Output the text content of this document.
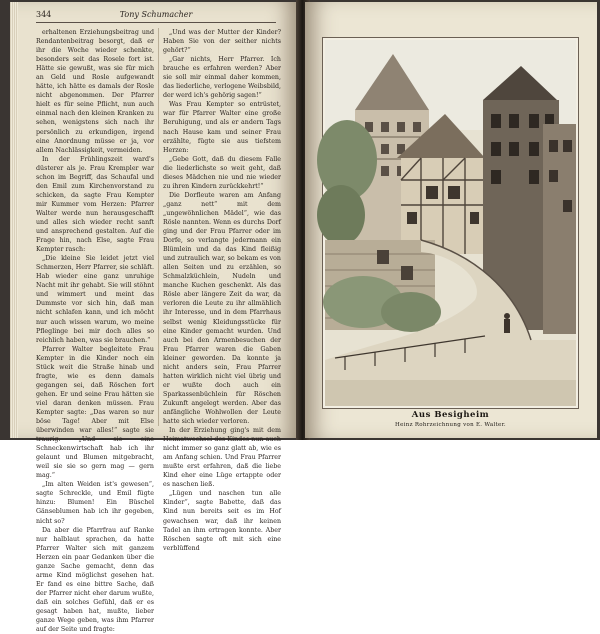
344	Tony Schumacher

erhaltenen Erziehungsbeitrag und Rendantenbeitrag besorgt, daß er ihr die Woche wieder schenkte, besonders seit das Rosele fort ist. Hätte sie gewußt, was sie für mich an Geld und Rosle aufgewandt hätte, ich hätte es damals der Rosle nicht abgenommen. Der Pfarrer hielt es für seine Pflicht, nun auch einmal nach den kleinen Kranken zu sehen, wenigstens sich nach ihr persönlich zu erkundigen, irgend eine Anordnung müsse er ja, vor allem Nachlässigkeit, vermeiden.

In der Frühlingszeit ward's düsterer als je. Frau Krempler war schon im Begriff, das Schaufal und den Emil zum Kirchenvorstand zu schicken, da sagte Frau Kempter mir Kummer vom Herzen: Pfarrer Walter werde nun herausgeschafft und alles sich wieder recht sanft und ansprechend gestalten. Auf die Frage hin, nach Else, sagte Frau Kempter rasch:

„Die kleine Sie leidet jetzt viel Schmerzen, Herr Pfarrer, sie schläft. Hab wieder eine ganz unruhige Nacht mit ihr gehabt. Sie will stöhnt und wimmert und meint das Dummste vor sich hin, daß man nicht schlafen kann, und ich möcht nur auch wissen warum, wo meine Pfleglinge bei mir doch alles so reichlich haben, was sie brauchen.“

Pfarrer Walter begleitete Frau Kempter in die Kinder noch ein Stück weit die Straße hinab und fragte, wie es denn damals gegangen sei, daß Röschen fort gehen. Er und seine Frau hätten sie viel daran denken müssen. Frau Kempter sagte: „Das waren so nur böse Tage! Aber mit Else überwinden war alles!“ sagte sie traurig. „Und sie eine Schneckenwirtschaft hab ich ihr gelaunt und Blumen mitgebracht, weil sie sie so gern mag — gern mag.“

„Im alten Weiden ist's gewesen“, sagte Schreckle, und Emil fügte hinzu: Blumen! Ein Büschel Gänseblumen hab ich ihr gegeben, nicht so?

Da aber die Pfarrfrau auf Ranke nur halblaut sprachen, da hatte Pfarrer Walter sich mit ganzem Herzen ein paar Gedanken über die ganze Sache gemacht, denn das arme Kind möglichst gesehen hat. Er fand es eine bittre Sache, daß der Pfarrer nicht eher darum wußte, daß ein solches Gefühl, daß er es gesagt haben hat, mußte, lieber ganze Wege geben, was ihm Pfarrer auf der Seite und fragte:

„Und was der Mutter der Kinder? Haben Sie von der seither nichts gehört?“

„Gar nichts, Herr Pfarrer. Ich brauche es erfahren werden? Aber sie soll mir einmal daher kommen, das liederliche, verlogene Weibsbild, der werd ich's gehörig sagen!“

Was Frau Kempter so entrüstet, war für Pfarrer Walter eine große Beruhigung, und als er andern Tags nach Hause kam und seiner Frau erzählte, fügte sie aus tiefstem Herzen:

„Gebe Gott, daß du diesem Falle die liederlichste so weit geht, daß dieses Mädchen nie und nie wieder zu ihren Kindern zurückkehrt!“

Die Dorfleute waren am Anfang „ganz nett“ mit dem „ungewöhnlichen Mädel“, wie das Rösle nannten. Wenn es durchs Dorf ging und der Frau Pfarrer oder im Dorfe, so verlangte jedermann ein Blümlein und da das Kind fleißig und zutraulich war, so bekam es von allen Seiten und zu erzählen, so Schmalzküchlein, Nudeln und manche Kuchen geschenkt. Als das Rösle aber längere Zeit da war, da verloren die Leute zu ihr allmählich ihr Interesse, und in dem Pfarrhaus selbst wenig Kleidungsstücke für eine Kinder gemacht wurden. Und auch bei den Armenbesuchen der Frau Pfarrer waren die Gaben kleiner geworden. Da konnte ja nicht anders sein, Frau Pfarrer hatten wirklich nicht viel übrig und er wußte doch auch ein Sparkassenbüchlein für Röschen Zukunft angelegt werden. Aber das anfängliche Wohlwollen der Leute hatte sich wieder verloren.

In der Erziehung ging's mit dem Heimatwechsel des Kindes nun auch nicht immer so ganz glatt ab, wie es am Anfang schien. Und Frau Pfarrer mußte erst erfahren, daß die liebe Kind eher eine Lüge ertappte oder es naschen ließ.

„Lügen und naschen tun alle Kinder“, sagte Babette, daß das Kind nun bereits seit es im Hof gewachsen war, daß ihr keinen Tadel an ihm ertragen konnte. Aber Röschen sagte oft mit sich eine verblüffend

Aus Besigheim
Heinz Rohrzeichnung von E. Walter.
